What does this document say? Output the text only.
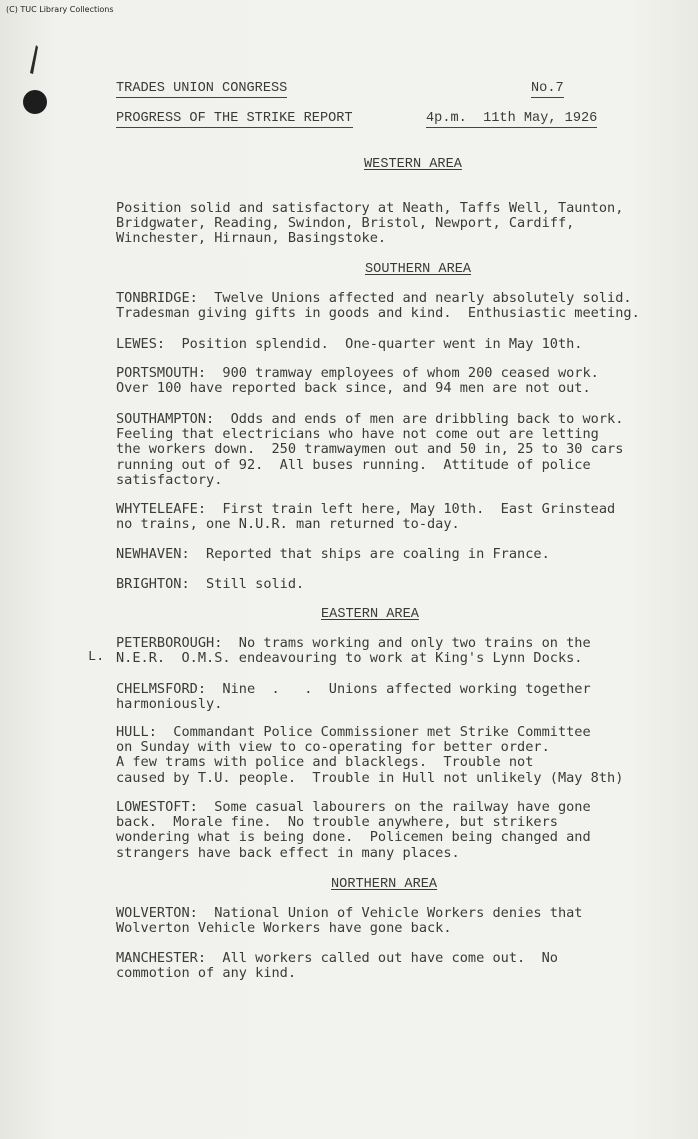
(C) TUC Library Collections
TRADES UNION CONGRESS	No.7
PROGRESS OF THE STRIKE REPORT	4p.m.  11th May, 1926
WESTERN AREA
Position solid and satisfactory at Neath, Taffs Well, Taunton,
Bridgwater, Reading, Swindon, Bristol, Newport, Cardiff,
Winchester, Hirnaun, Basingstoke.
SOUTHERN AREA
TONBRIDGE:  Twelve Unions affected and nearly absolutely solid.
Tradesman giving gifts in goods and kind.  Enthusiastic meeting.
LEWES:  Position splendid.  One-quarter went in May 10th.
PORTSMOUTH:  900 tramway employees of whom 200 ceased work.
Over 100 have reported back since, and 94 men are not out.
SOUTHAMPTON:  Odds and ends of men are dribbling back to work.
Feeling that electricians who have not come out are letting
the workers down.  250 tramwaymen out and 50 in, 25 to 30 cars
running out of 92.  All buses running.  Attitude of police
satisfactory.
WHYTELEAFE:  First train left here, May 10th.  East Grinstead
no trains, one N.U.R. man returned to-day.
NEWHAVEN:  Reported that ships are coaling in France.
BRIGHTON:  Still solid.
EASTERN AREA
L.
PETERBOROUGH:  No trams working and only two trains on the
N.E.R.  O.M.S. endeavouring to work at King's Lynn Docks.
CHELMSFORD:  Nine  .   .  Unions affected working together
harmoniously.
HULL:  Commandant Police Commissioner met Strike Committee
on Sunday with view to co-operating for better order.
A few trams with police and blacklegs.  Trouble not
caused by T.U. people.  Trouble in Hull not unlikely (May 8th)
LOWESTOFT:  Some casual labourers on the railway have gone
back.  Morale fine.  No trouble anywhere, but strikers
wondering what is being done.  Policemen being changed and
strangers have back effect in many places.
NORTHERN AREA
WOLVERTON:  National Union of Vehicle Workers denies that
Wolverton Vehicle Workers have gone back.
MANCHESTER:  All workers called out have come out.  No
commotion of any kind.
